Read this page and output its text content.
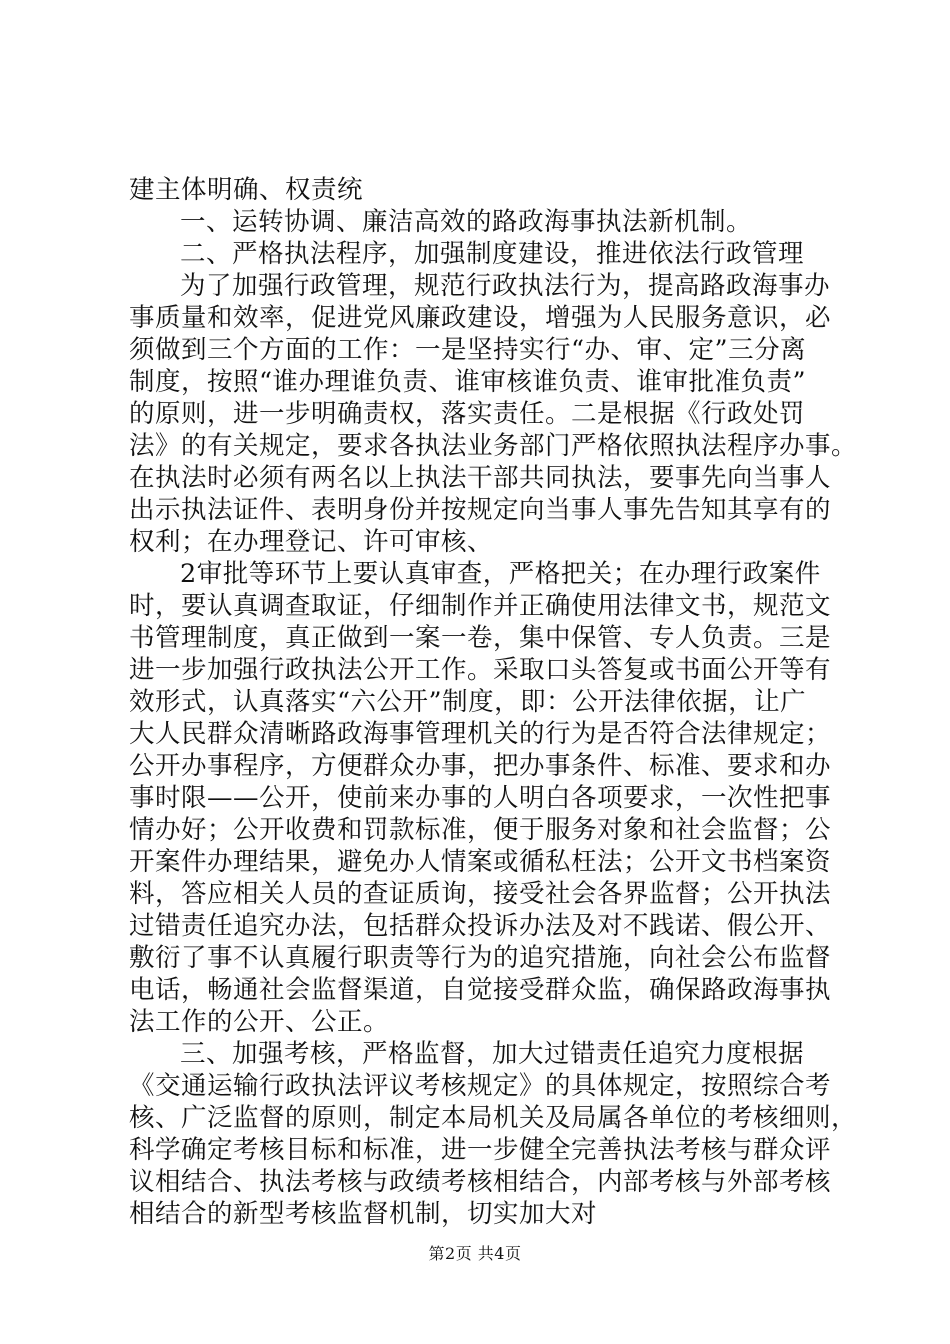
建主体明确、权责统
一、运转协调、廉洁高效的路政海事执法新机制。
二、严格执法程序，加强制度建设，推进依法行政管理
为了加强行政管理，规范行政执法行为，提高路政海事办
事质量和效率，促进党风廉政建设，增强为人民服务意识，必
须做到三个方面的工作：一是坚持实行“办、审、定”三分离
制度，按照“谁办理谁负责、谁审核谁负责、谁审批准负责”
的原则，进一步明确责权，落实责任。二是根据《行政处罚
法》的有关规定，要求各执法业务部门严格依照执法程序办事。
在执法时必须有两名以上执法干部共同执法，要事先向当事人
出示执法证件、表明身份并按规定向当事人事先告知其享有的
权利；在办理登记、许可审核、
2审批等环节上要认真审查，严格把关；在办理行政案件
时，要认真调查取证，仔细制作并正确使用法律文书，规范文
书管理制度，真正做到一案一卷，集中保管、专人负责。三是
进一步加强行政执法公开工作。采取口头答复或书面公开等有
效形式，认真落实“六公开”制度，即：公开法律依据，让广
大人民群众清晰路政海事管理机关的行为是否符合法律规定；
公开办事程序，方便群众办事，把办事条件、标准、要求和办
事时限——公开，使前来办事的人明白各项要求，一次性把事
情办好；公开收费和罚款标准，便于服务对象和社会监督；公
开案件办理结果，避免办人情案或循私枉法；公开文书档案资
料，答应相关人员的查证质询，接受社会各界监督；公开执法
过错责任追究办法，包括群众投诉办法及对不践诺、假公开、
敷衍了事不认真履行职责等行为的追究措施，向社会公布监督
电话，畅通社会监督渠道，自觉接受群众监，确保路政海事执
法工作的公开、公正。
三、加强考核，严格监督，加大过错责任追究力度根据
《交通运输行政执法评议考核规定》的具体规定，按照综合考
核、广泛监督的原则，制定本局机关及局属各单位的考核细则，
科学确定考核目标和标准，进一步健全完善执法考核与群众评
议相结合、执法考核与政绩考核相结合，内部考核与外部考核
相结合的新型考核监督机制，切实加大对
第2页 共4页
